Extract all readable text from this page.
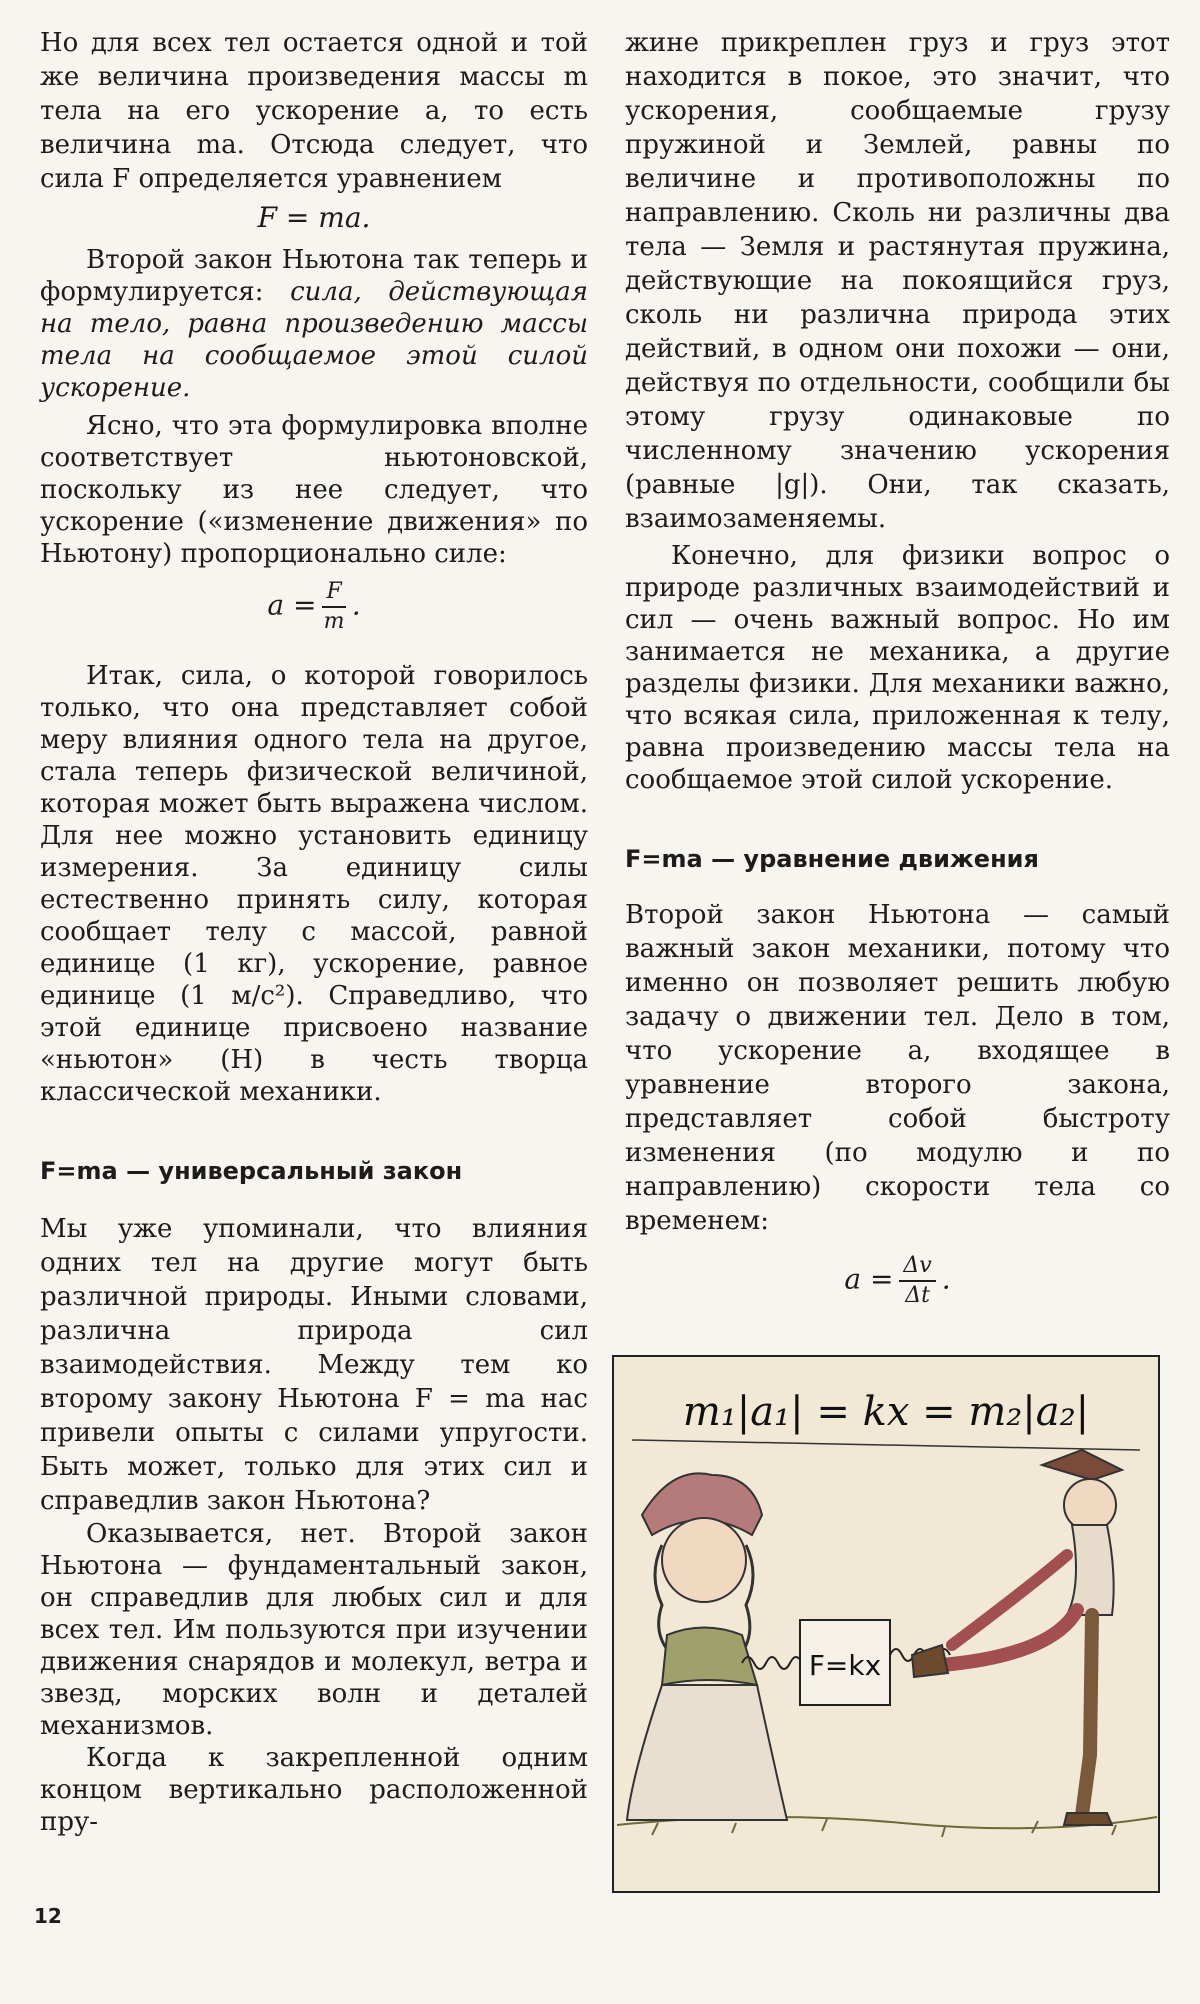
Но для всех тел остается одной и той же величина произведения массы m тела на его ускорение a, то есть величина ma. Отсюда следует, что сила F определяется уравнением

F = ma.

Второй закон Ньютона так теперь и формулируется: сила, действующая на тело, равна произведению массы тела на сообщаемое этой силой ускорение.

Ясно, что эта формулировка вполне соответствует ньютоновской, поскольку из нее следует, что ускорение («изменение движения» по Ньютону) пропорционально силе:

$a = \frac{F}{m}$ .

Итак, сила, о которой говорилось только, что она представляет собой меру влияния одного тела на другое, стала теперь физической величиной, которая может быть выражена числом. Для нее можно установить единицу измерения. За единицу силы естественно принять силу, которая сообщает телу с массой, равной единице (1 кг), ускорение, равное единице (1 м/с²). Справедливо, что этой единице присвоено название «ньютон» (Н) в честь творца классической механики.

F=ma — универсальный закон

Мы уже упоминали, что влияния одних тел на другие могут быть различной природы. Иными словами, различна природа сил взаимодействия. Между тем ко второму закону Ньютона F = ma нас привели опыты с силами упругости. Быть может, только для этих сил и справедлив закон Ньютона?

Оказывается, нет. Второй закон Ньютона — фундаментальный закон, он справедлив для любых сил и для всех тел. Им пользуются при изучении движения снарядов и молекул, ветра и звезд, морских волн и деталей механизмов.

Когда к закрепленной одним концом вертикально расположенной пру-

жине прикреплен груз и груз этот находится в покое, это значит, что ускорения, сообщаемые грузу пружиной и Землей, равны по величине и противоположны по направлению. Сколь ни различны два тела — Земля и растянутая пружина, действующие на покоящийся груз, сколь ни различна природа этих действий, в одном они похожи — они, действуя по отдельности, сообщили бы этому грузу одинаковые по численному значению ускорения (равные |g|). Они, так сказать, взаимозаменяемы.

Конечно, для физики вопрос о природе различных взаимодействий и сил — очень важный вопрос. Но им занимается не механика, а другие разделы физики. Для механики важно, что всякая сила, приложенная к телу, равна произведению массы тела на сообщаемое этой силой ускорение.

F=ma — уравнение движения

Второй закон Ньютона — самый важный закон механики, потому что именно он позволяет решить любую задачу о движении тел. Дело в том, что ускорение a, входящее в уравнение второго закона, представляет собой быстроту изменения (по модулю и по направлению) скорости тела со временем:

$a = \frac{\Delta v}{\Delta t}$ .
m₁|a₁| = kx = m₂|a₂|
F=kx
12
